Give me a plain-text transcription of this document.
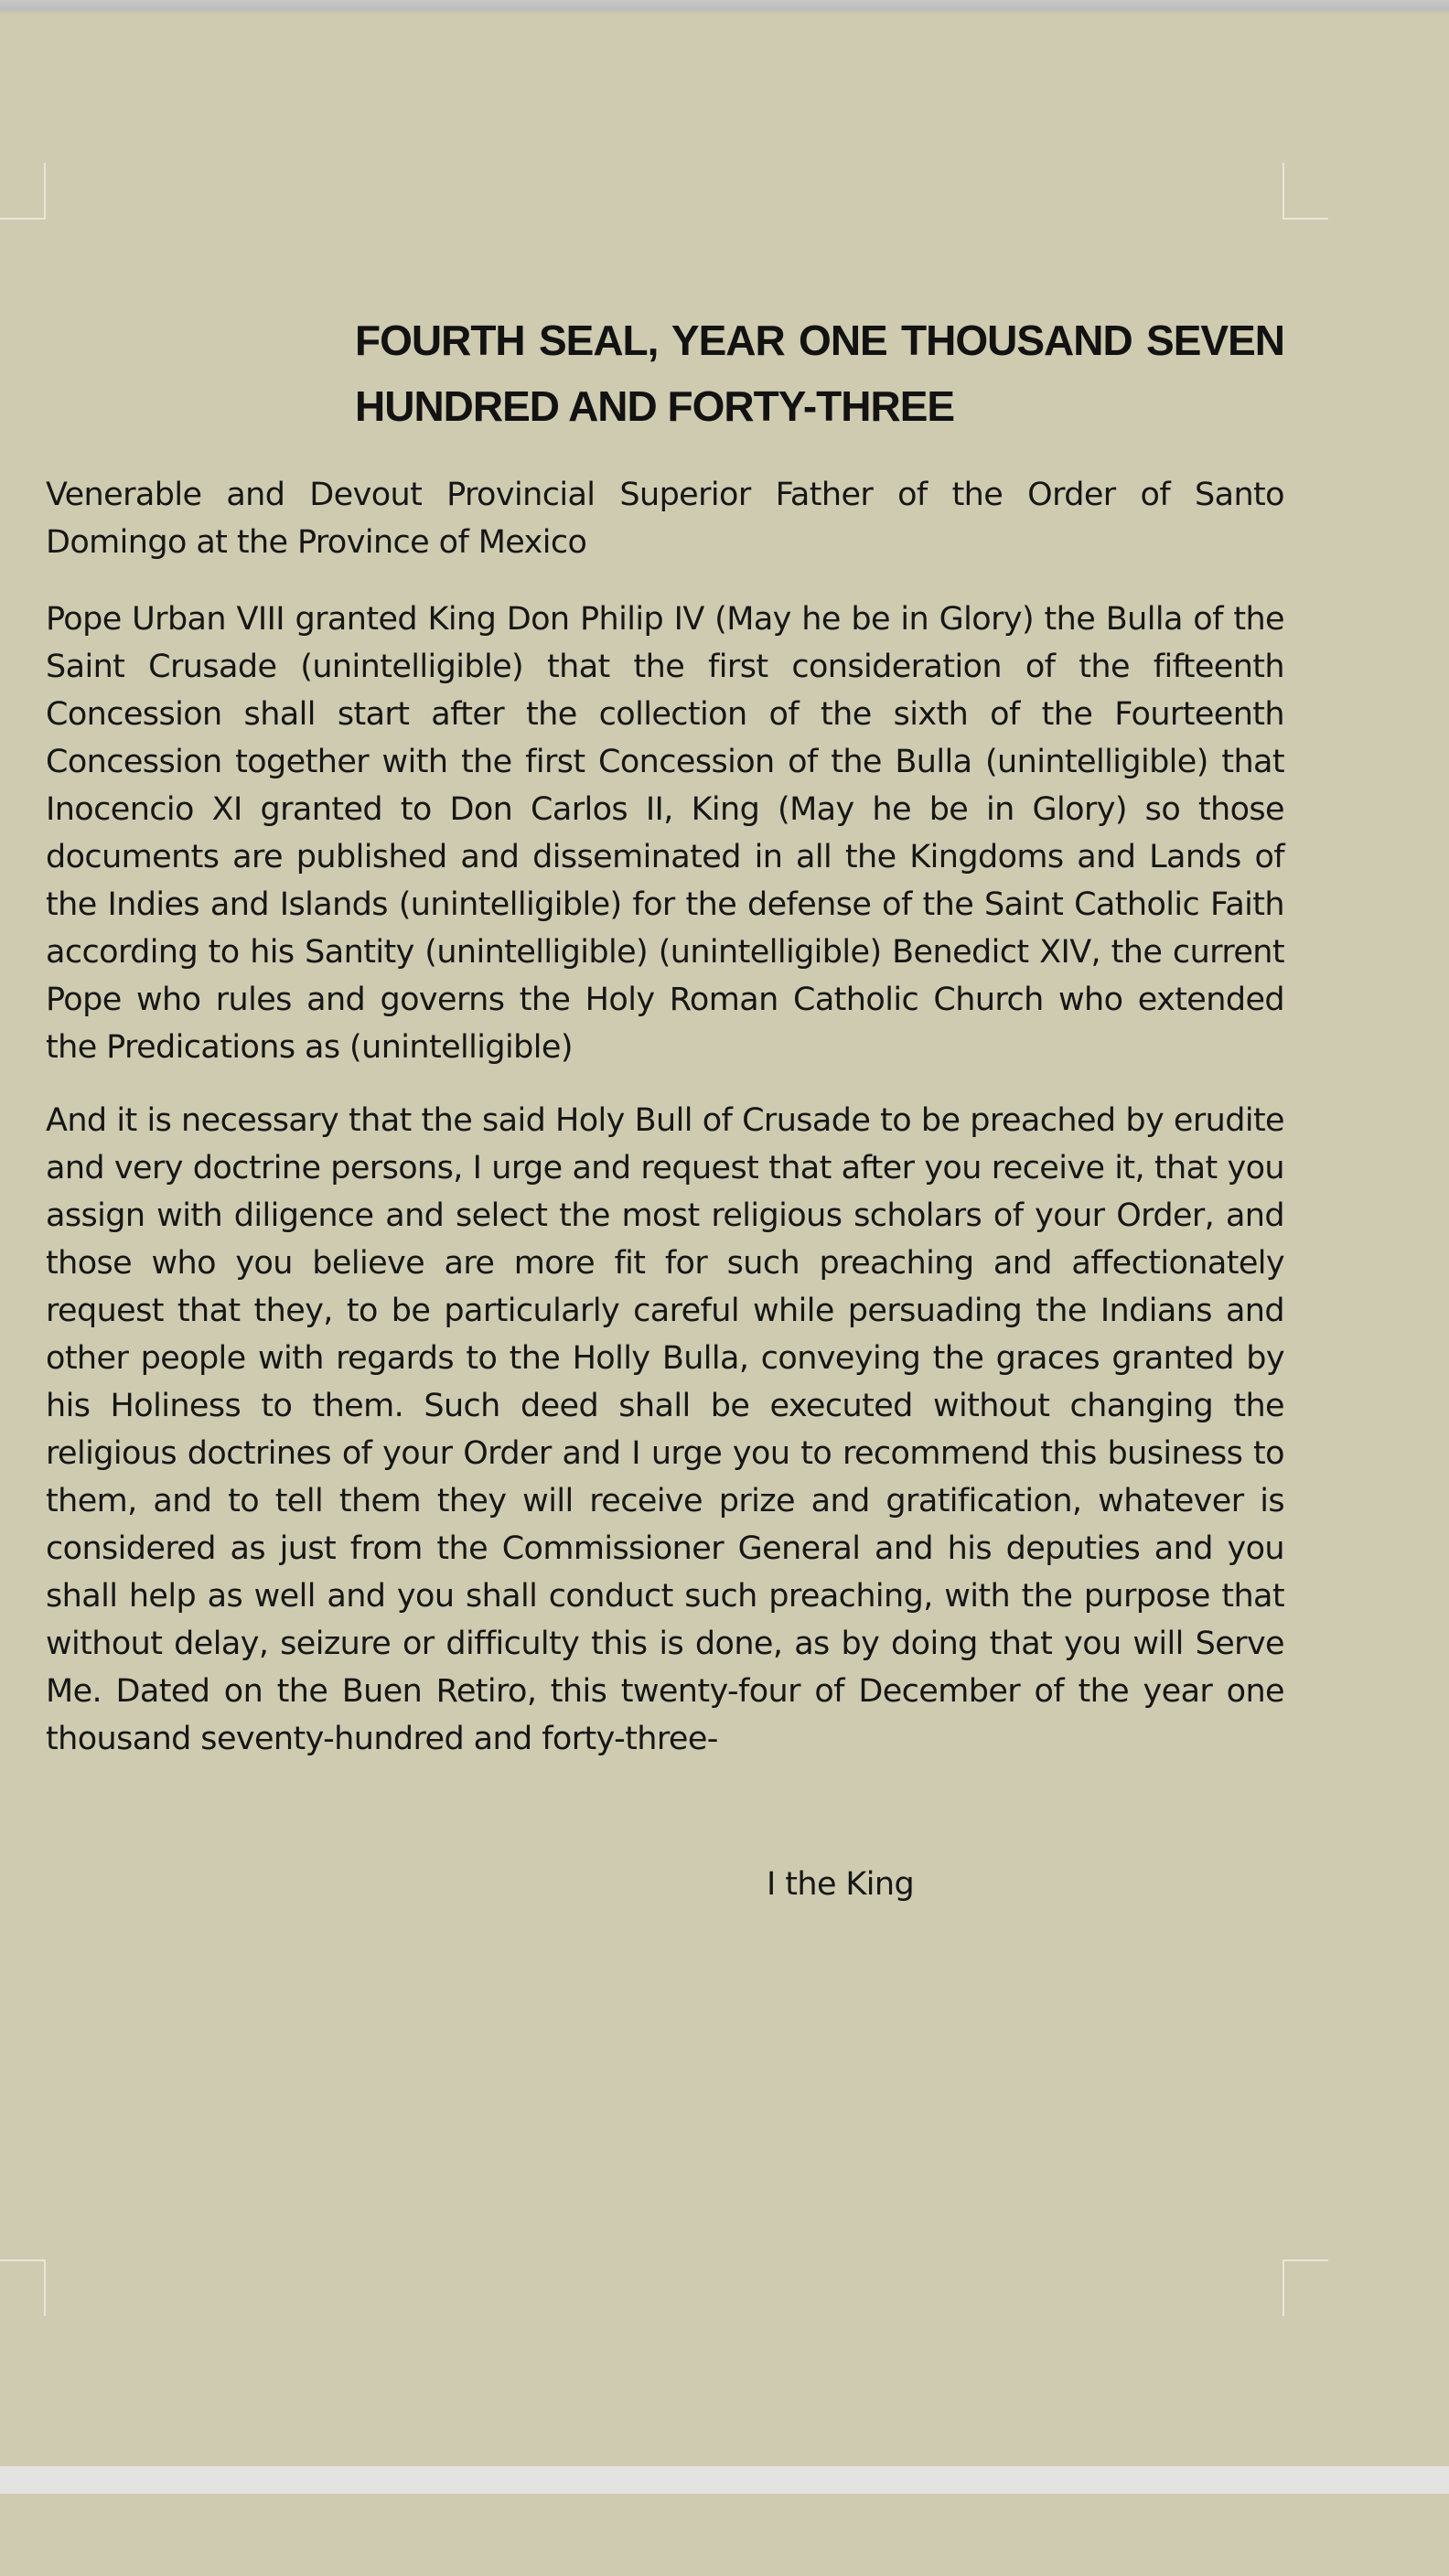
FOURTH SEAL, YEAR ONE THOUSAND SEVEN HUNDRED AND FORTY-THREE

Venerable and Devout Provincial Superior Father of the Order of Santo Domingo at the Province of Mexico

Pope Urban VIII granted King Don Philip IV (May he be in Glory) the Bulla of the Saint Crusade (unintelligible) that the first consideration of the fifteenth Concession shall start after the collection of the sixth of the Fourteenth Concession together with the first Concession of the Bulla (unintelligible) that Inocencio XI granted to Don Carlos II, King (May he be in Glory) so those documents are published and disseminated in all the Kingdoms and Lands of the Indies and Islands (unintelligible) for the defense of the Saint Catholic Faith according to his Santity (unintelligible) (unintelligible) Benedict XIV, the current Pope who rules and governs the Holy Roman Catholic Church who extended the Predications as (unintelligible)

And it is necessary that the said Holy Bull of Crusade to be preached by erudite and very doctrine persons, I urge and request that after you receive it, that you assign with diligence and select the most religious scholars of your Order, and those who you believe are more fit for such preaching and affectionately request that they, to be particularly careful while persuading the Indians and other people with regards to the Holly Bulla, conveying the graces granted by his Holiness to them. Such deed shall be executed without changing the religious doctrines of your Order and I urge you to recommend this business to them, and to tell them they will receive prize and gratification, whatever is considered as just from the Commissioner General and his deputies and you shall help as well and you shall conduct such preaching, with the purpose that without delay, seizure or difficulty this is done, as by doing that you will Serve Me. Dated on the Buen Retiro, this twenty-four of December of the year one thousand seventy-hundred and forty-three-

I the King
